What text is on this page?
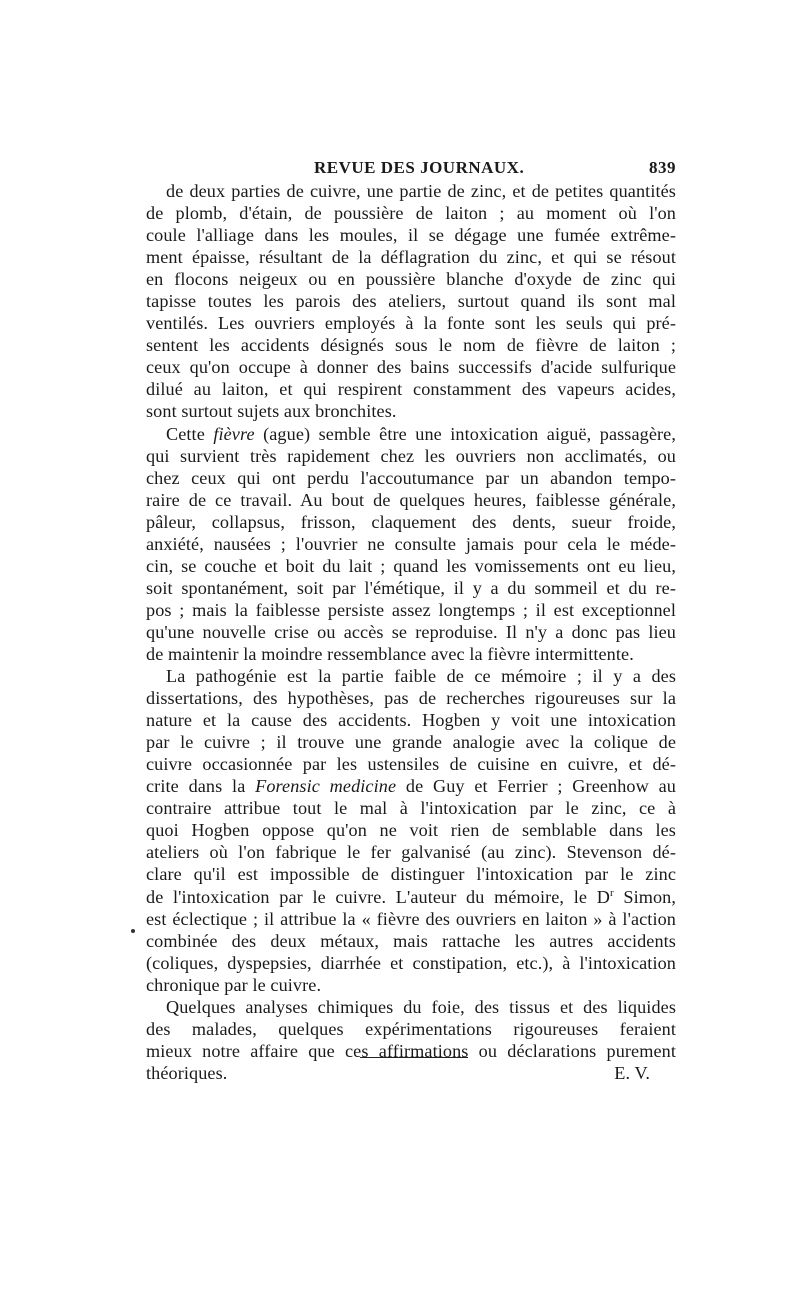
REVUE DES JOURNAUX.	839
de deux parties de cuivre, une partie de zinc, et de petites quantités
de plomb, d'étain, de poussière de laiton ; au moment où l'on
coule l'alliage dans les moules, il se dégage une fumée extrême-
ment épaisse, résultant de la déflagration du zinc, et qui se résout
en flocons neigeux ou en poussière blanche d'oxyde de zinc qui
tapisse toutes les parois des ateliers, surtout quand ils sont mal
ventilés. Les ouvriers employés à la fonte sont les seuls qui pré-
sentent les accidents désignés sous le nom de fièvre de laiton ;
ceux qu'on occupe à donner des bains successifs d'acide sulfurique
dilué au laiton, et qui respirent constamment des vapeurs acides,
sont surtout sujets aux bronchites.
Cette fièvre (ague) semble être une intoxication aiguë, passagère,
qui survient très rapidement chez les ouvriers non acclimatés, ou
chez ceux qui ont perdu l'accoutumance par un abandon tempo-
raire de ce travail. Au bout de quelques heures, faiblesse générale,
pâleur, collapsus, frisson, claquement des dents, sueur froide,
anxiété, nausées ; l'ouvrier ne consulte jamais pour cela le méde-
cin, se couche et boit du lait ; quand les vomissements ont eu lieu,
soit spontanément, soit par l'émétique, il y a du sommeil et du re-
pos ; mais la faiblesse persiste assez longtemps ; il est exceptionnel
qu'une nouvelle crise ou accès se reproduise. Il n'y a donc pas lieu
de maintenir la moindre ressemblance avec la fièvre intermittente.
La pathogénie est la partie faible de ce mémoire ; il y a des
dissertations, des hypothèses, pas de recherches rigoureuses sur la
nature et la cause des accidents. Hogben y voit une intoxication
par le cuivre ; il trouve une grande analogie avec la colique de
cuivre occasionnée par les ustensiles de cuisine en cuivre, et dé-
crite dans la Forensic medicine de Guy et Ferrier ; Greenhow au
contraire attribue tout le mal à l'intoxication par le zinc, ce à
quoi Hogben oppose qu'on ne voit rien de semblable dans les
ateliers où l'on fabrique le fer galvanisé (au zinc). Stevenson dé-
clare qu'il est impossible de distinguer l'intoxication par le zinc
de l'intoxication par le cuivre. L'auteur du mémoire, le $D^r$ Simon,
est éclectique ; il attribue la « fièvre des ouvriers en laiton » à l'action
combinée des deux métaux, mais rattache les autres accidents
(coliques, dyspepsies, diarrhée et constipation, etc.), à l'intoxication
chronique par le cuivre.
Quelques analyses chimiques du foie, des tissus et des liquides
des malades, quelques expérimentations rigoureuses feraient
mieux notre affaire que ces affirmations ou déclarations purement
théoriques.	E. V.
